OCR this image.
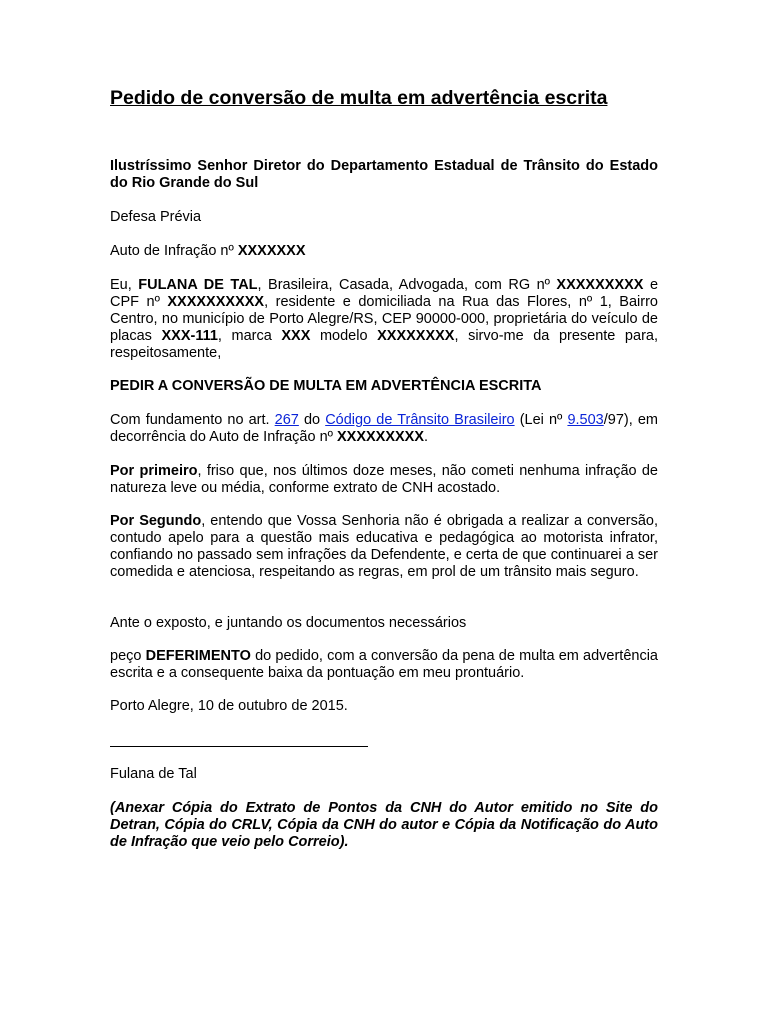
Pedido de conversão de multa em advertência escrita

Ilustríssimo Senhor Diretor do Departamento Estadual de Trânsito do Estado do Rio Grande do Sul

Defesa Prévia

Auto de Infração nº XXXXXXX

Eu, FULANA DE TAL, Brasileira, Casada, Advogada, com RG nº XXXXXXXXX e CPF nº XXXXXXXXXX, residente e domiciliada na Rua das Flores, nº 1, Bairro Centro, no município de Porto Alegre/RS, CEP 90000-000, proprietária do veículo de placas XXX-111, marca XXX modelo XXXXXXXX, sirvo-me da presente para, respeitosamente,

PEDIR A CONVERSÃO DE MULTA EM ADVERTÊNCIA ESCRITA

Com fundamento no art. 267 do Código de Trânsito Brasileiro (Lei nº 9.503/97), em decorrência do Auto de Infração nº XXXXXXXXX.

Por primeiro, friso que, nos últimos doze meses, não cometi nenhuma infração de natureza leve ou média, conforme extrato de CNH acostado.

Por Segundo, entendo que Vossa Senhoria não é obrigada a realizar a conversão, contudo apelo para a questão mais educativa e pedagógica ao motorista infrator, confiando no passado sem infrações da Defendente, e certa de que continuarei a ser comedida e atenciosa, respeitando as regras, em prol de um trânsito mais seguro.

Ante o exposto, e juntando os documentos necessários

peço DEFERIMENTO do pedido, com a conversão da pena de multa em advertência escrita e a consequente baixa da pontuação em meu prontuário.

Porto Alegre, 10 de outubro de 2015.

Fulana de Tal

(Anexar Cópia do Extrato de Pontos da CNH do Autor emitido no Site do Detran, Cópia do CRLV, Cópia da CNH do autor e Cópia da Notificação do Auto de Infração que veio pelo Correio).
